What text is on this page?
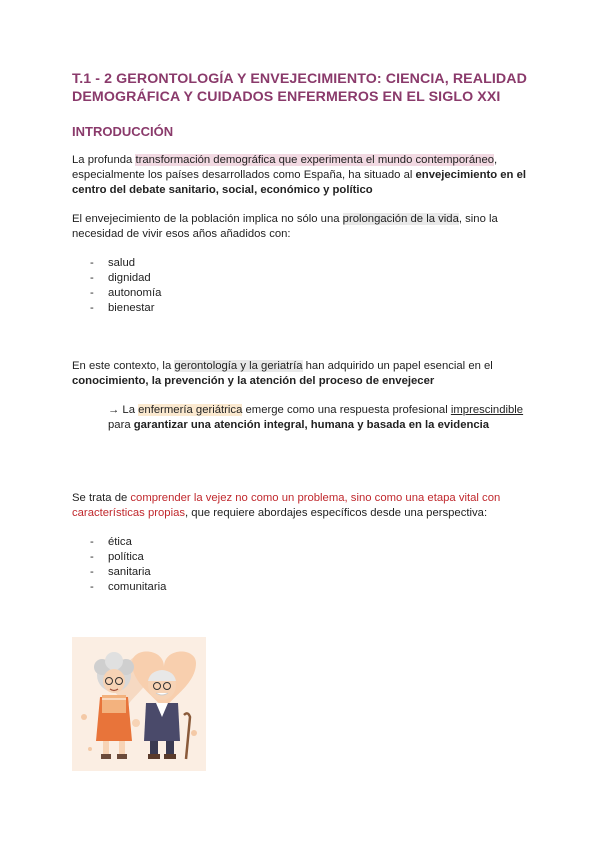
T.1 - 2 GERONTOLOGÍA Y ENVEJECIMIENTO: CIENCIA, REALIDAD DEMOGRÁFICA Y CUIDADOS ENFERMEROS EN EL SIGLO XXI
INTRODUCCIÓN
La profunda transformación demográfica que experimenta el mundo contemporáneo, especialmente los países desarrollados como España, ha situado al envejecimiento en el centro del debate sanitario, social, económico y político
El envejecimiento de la población implica no sólo una prolongación de la vida, sino la necesidad de vivir esos años añadidos con:
-	salud
-	dignidad
-	autonomía
-	bienestar
En este contexto, la gerontología y la geriatría han adquirido un papel esencial en el conocimiento, la prevención y la atención del proceso de envejecer
→ La enfermería geriátrica emerge como una respuesta profesional imprescindible para garantizar una atención integral, humana y basada en la evidencia
Se trata de comprender la vejez no como un problema, sino como una etapa vital con características propias, que requiere abordajes específicos desde una perspectiva:
-	ética
-	política
-	sanitaria
-	comunitaria
